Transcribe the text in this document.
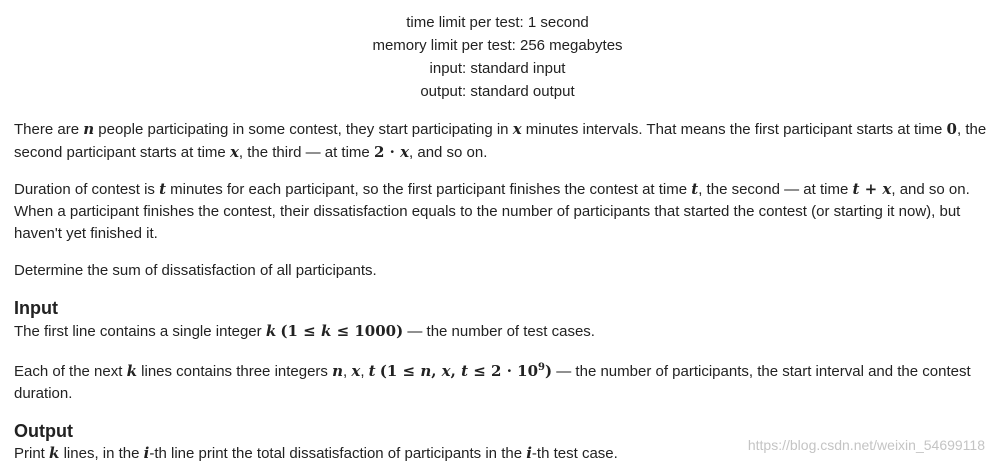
time limit per test: 1 second
memory limit per test: 256 megabytes
input: standard input
output: standard output
There are n people participating in some contest, they start participating in x minutes intervals. That means the first participant starts at time 0, the second participant starts at time x, the third — at time 2 · x, and so on.
Duration of contest is t minutes for each participant, so the first participant finishes the contest at time t, the second — at time t + x, and so on. When a participant finishes the contest, their dissatisfaction equals to the number of participants that started the contest (or starting it now), but haven't yet finished it.
Determine the sum of dissatisfaction of all participants.
Input
The first line contains a single integer k (1 ≤ k ≤ 1000) — the number of test cases.
Each of the next k lines contains three integers n, x, t (1 ≤ n, x, $t \le 2 \cdot 10^9$) — the number of participants, the start interval and the contest duration.
Output
Print k lines, in the i-th line print the total dissatisfaction of participants in the i-th test case.	https://blog.csdn.net/weixin_54699118
